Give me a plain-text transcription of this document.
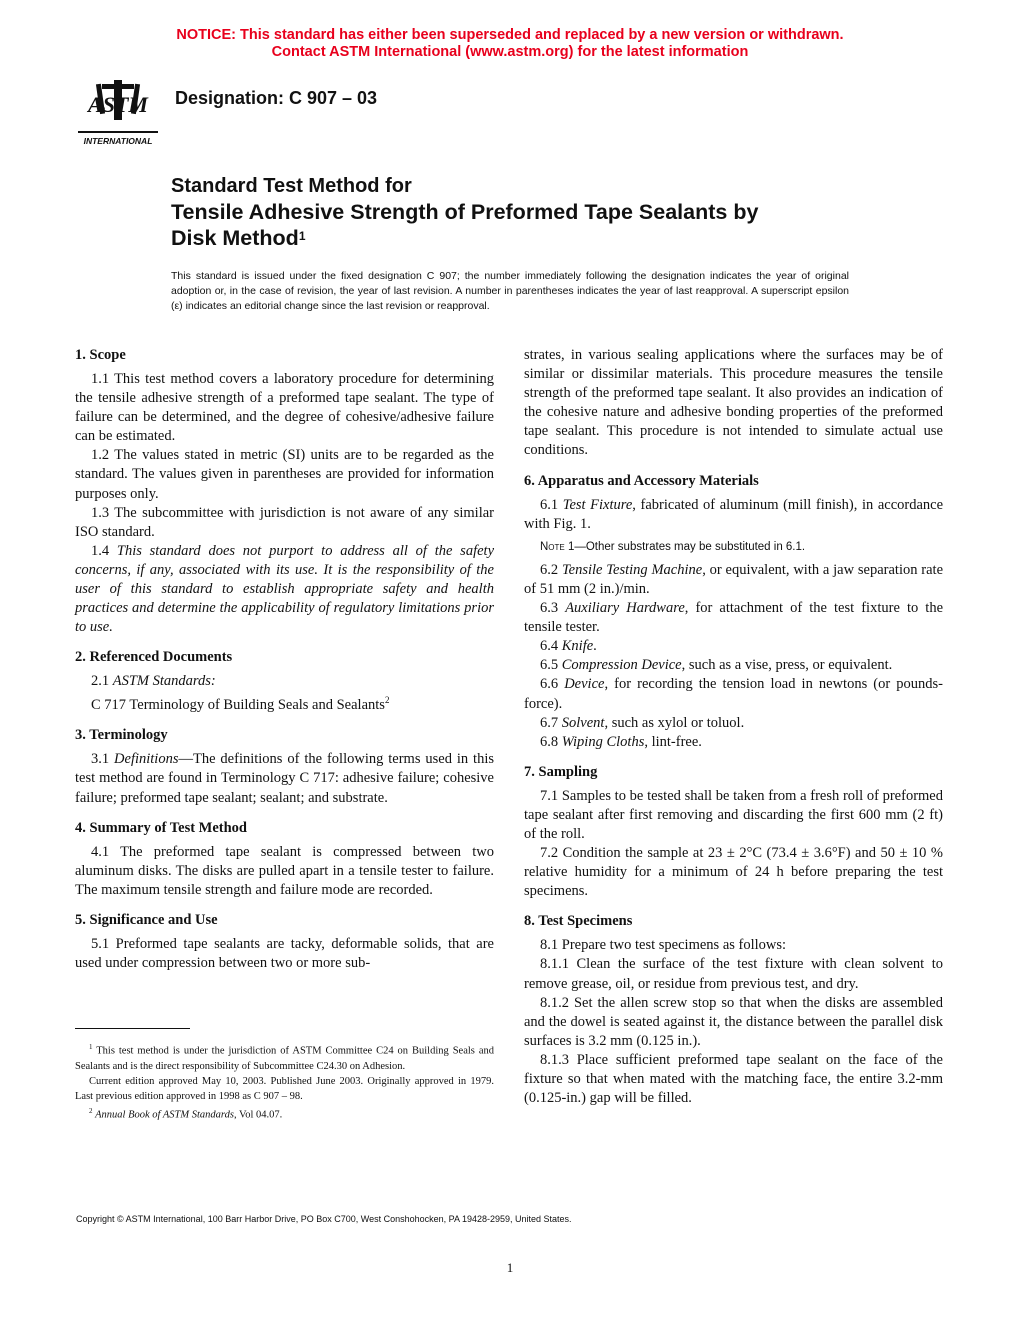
NOTICE: This standard has either been superseded and replaced by a new version or withdrawn.
Contact ASTM International (www.astm.org) for the latest information
ASTM
INTERNATIONAL
Designation: C 907 – 03
Standard Test Method for
Tensile Adhesive Strength of Preformed Tape Sealants by
Disk Method$^1$
This standard is issued under the fixed designation C 907; the number immediately following the designation indicates the year of original adoption or, in the case of revision, the year of last revision. A number in parentheses indicates the year of last reapproval. A superscript epsilon (ε) indicates an editorial change since the last revision or reapproval.
1. Scope

1.1 This test method covers a laboratory procedure for determining the tensile adhesive strength of a preformed tape sealant. The type of failure can be determined, and the degree of cohesive/adhesive failure can be estimated.

1.2 The values stated in metric (SI) units are to be regarded as the standard. The values given in parentheses are provided for information purposes only.

1.3 The subcommittee with jurisdiction is not aware of any similar ISO standard.

1.4 This standard does not purport to address all of the safety concerns, if any, associated with its use. It is the responsibility of the user of this standard to establish appropriate safety and health practices and determine the applicability of regulatory limitations prior to use.

2. Referenced Documents

2.1 ASTM Standards:

C 717 Terminology of Building Seals and Sealants$^2$

3. Terminology

3.1 Definitions—The definitions of the following terms used in this test method are found in Terminology C 717: adhesive failure; cohesive failure; preformed tape sealant; sealant; and substrate.

4. Summary of Test Method

4.1 The preformed tape sealant is compressed between two aluminum disks. The disks are pulled apart in a tensile tester to failure. The maximum tensile strength and failure mode are recorded.

5. Significance and Use

5.1 Preformed tape sealants are tacky, deformable solids, that are used under compression between two or more sub-

strates, in various sealing applications where the surfaces may be of similar or dissimilar materials. This procedure measures the tensile strength of the preformed tape sealant. It also provides an indication of the cohesive nature and adhesive bonding properties of the preformed tape sealant. This procedure is not intended to simulate actual use conditions.

6. Apparatus and Accessory Materials

6.1 Test Fixture, fabricated of aluminum (mill finish), in accordance with Fig. 1.

Note 1—Other substrates may be substituted in 6.1.

6.2 Tensile Testing Machine, or equivalent, with a jaw separation rate of 51 mm (2 in.)/min.

6.3 Auxiliary Hardware, for attachment of the test fixture to the tensile tester.

6.4 Knife.

6.5 Compression Device, such as a vise, press, or equivalent.

6.6 Device, for recording the tension load in newtons (or pounds-force).

6.7 Solvent, such as xylol or toluol.

6.8 Wiping Cloths, lint-free.

7. Sampling

7.1 Samples to be tested shall be taken from a fresh roll of preformed tape sealant after first removing and discarding the first 600 mm (2 ft) of the roll.

7.2 Condition the sample at 23 ± 2°C (73.4 ± 3.6°F) and 50 ± 10 % relative humidity for a minimum of 24 h before preparing the test specimens.

8. Test Specimens

8.1 Prepare two test specimens as follows:

8.1.1 Clean the surface of the test fixture with clean solvent to remove grease, oil, or residue from previous test, and dry.

8.1.2 Set the allen screw stop so that when the disks are assembled and the dowel is seated against it, the distance between the parallel disk surfaces is 3.2 mm (0.125 in.).

8.1.3 Place sufficient preformed tape sealant on the face of the fixture so that when mated with the matching face, the entire 3.2-mm (0.125-in.) gap will be filled.

$^1$ This test method is under the jurisdiction of ASTM Committee C24 on Building Seals and Sealants and is the direct responsibility of Subcommittee C24.30 on Adhesion.

Current edition approved May 10, 2003. Published June 2003. Originally approved in 1979. Last previous edition approved in 1998 as C 907 – 98.

$^2$ Annual Book of ASTM Standards, Vol 04.07.

Copyright © ASTM International, 100 Barr Harbor Drive, PO Box C700, West Conshohocken, PA 19428-2959, United States.
1
